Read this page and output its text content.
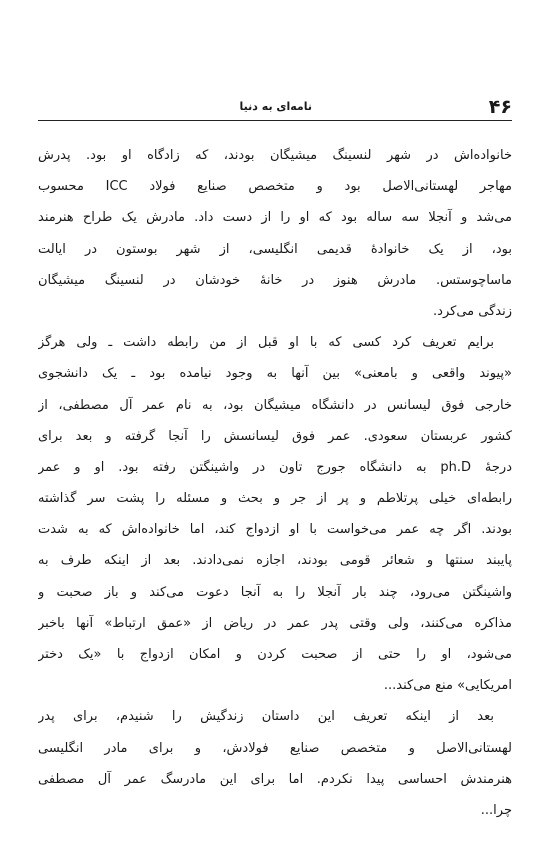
۴۶
نامه‌ای به دنیا
خانواده‌اش در شهر لنسینگ میشیگان بودند، که زادگاه او بود. پدرش
مهاجر لهستانی‌الاصل بود و متخصص صنایع فولاد ICC محسوب
می‌شد و آنجلا سه ساله بود که او را از دست داد. مادرش یک طراح هنرمند
بود، از یک خانوادهٔ قدیمی انگلیسی، از شهر بوستون در ایالت
ماساچوستس. مادرش هنوز در خانهٔ خودشان در لنسینگ میشیگان
زندگی می‌کرد.
برایم تعریف کرد کسی که با او قبل از من رابطه داشت ـ ولی هرگز
«پیوند واقعی و بامعنی» بین آنها به وجود نیامده بود ـ یک دانشجوی
خارجی فوق لیسانس در دانشگاه میشیگان بود، به نام عمر آل مصطفی، از
کشور عربستان سعودی. عمر فوق لیسانسش را آنجا گرفته و بعد برای
درجهٔ ph.D به دانشگاه جورج تاون در واشینگتن رفته بود. او و عمر
رابطه‌ای خیلی پرتلاطم و پر از جر و بحث و مسئله را پشت سر گذاشته
بودند. اگر چه عمر می‌خواست با او ازدواج کند، اما خانواده‌اش که به شدت
پایبند سنتها و شعائر قومی بودند، اجازه نمی‌دادند. بعد از اینکه طرف به
واشینگتن می‌رود، چند بار آنجلا را به آنجا دعوت می‌کند و باز صحبت و
مذاکره می‌کنند، ولی وقتی پدر عمر در ریاض از «عمق ارتباط» آنها باخبر
می‌شود، او را حتی از صحبت کردن و امکان ازدواج با «یک دختر
امریکایی» منع می‌کند...
بعد از اینکه تعریف این داستان زندگیش را شنیدم، برای پدر
لهستانی‌الاصل و متخصص صنایع فولادش، و برای مادر انگلیسی
هنرمندش احساسی پیدا نکردم. اما برای این مادرسگ عمر آل مصطفی
چرا...
